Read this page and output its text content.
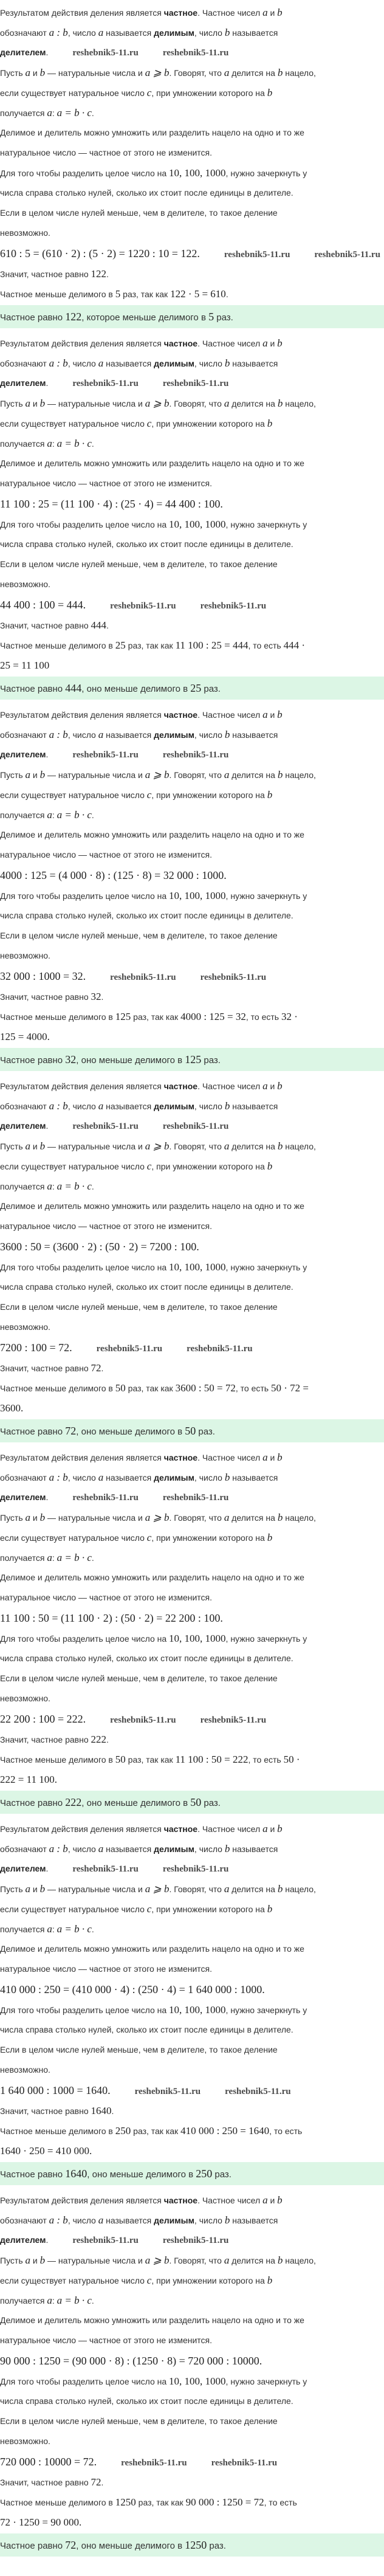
Результатом действия деления является частное. Частное чисел a и b
обозначают a : b, число a называется делимым, число b называется
делителем.	reshebnik5-11.ru	reshebnik5-11.ru
Пусть a и b — натуральные числа и a ⩾ b. Говорят, что a делится на b нацело,
если существует натуральное число c, при умножении которого на b
получается a: a = b · c.
Делимое и делитель можно умножить или разделить нацело на одно и то же
натуральное число — частное от этого не изменится.
Для того чтобы разделить целое число на 10, 100, 1000, нужно зачеркнуть у
числа справа столько нулей, сколько их стоит после единицы в делителе.
Если в целом числе нулей меньше, чем в делителе, то такое деление
невозможно.
610 : 5 = (610 · 2) : (5 · 2) = 1220 : 10 = 122.	reshebnik5-11.ru	reshebnik5-11.ru
Значит, частное равно 122.
Частное меньше делимого в 5 раз, так как 122 · 5 = 610.
Частное равно 122, которое меньше делимого в 5 раз.
Результатом действия деления является частное. Частное чисел a и b
обозначают a : b, число a называется делимым, число b называется
делителем.	reshebnik5-11.ru	reshebnik5-11.ru
Пусть a и b — натуральные числа и a ⩾ b. Говорят, что a делится на b нацело,
если существует натуральное число c, при умножении которого на b
получается a: a = b · c.
Делимое и делитель можно умножить или разделить нацело на одно и то же
натуральное число — частное от этого не изменится.
11 100 : 25 = (11 100 · 4) : (25 · 4) = 44 400 : 100.
Для того чтобы разделить целое число на 10, 100, 1000, нужно зачеркнуть у
числа справа столько нулей, сколько их стоит после единицы в делителе.
Если в целом числе нулей меньше, чем в делителе, то такое деление
невозможно.
44 400 : 100 = 444.	reshebnik5-11.ru	reshebnik5-11.ru
Значит, частное равно 444.
Частное меньше делимого в 25 раз, так как 11 100 : 25 = 444, то есть 444 ·
25 = 11 100
Частное равно 444, оно меньше делимого в 25 раз.
Результатом действия деления является частное. Частное чисел a и b
обозначают a : b, число a называется делимым, число b называется
делителем.	reshebnik5-11.ru	reshebnik5-11.ru
Пусть a и b — натуральные числа и a ⩾ b. Говорят, что a делится на b нацело,
если существует натуральное число c, при умножении которого на b
получается a: a = b · c.
Делимое и делитель можно умножить или разделить нацело на одно и то же
натуральное число — частное от этого не изменится.
4000 : 125 = (4 000 · 8) : (125 · 8) = 32 000 : 1000.
Для того чтобы разделить целое число на 10, 100, 1000, нужно зачеркнуть у
числа справа столько нулей, сколько их стоит после единицы в делителе.
Если в целом числе нулей меньше, чем в делителе, то такое деление
невозможно.
32 000 : 1000 = 32.	reshebnik5-11.ru	reshebnik5-11.ru
Значит, частное равно 32.
Частное меньше делимого в 125 раз, так как 4000 : 125 = 32, то есть 32 ·
125 = 4000.
Частное равно 32, оно меньше делимого в 125 раз.
Результатом действия деления является частное. Частное чисел a и b
обозначают a : b, число a называется делимым, число b называется
делителем.	reshebnik5-11.ru	reshebnik5-11.ru
Пусть a и b — натуральные числа и a ⩾ b. Говорят, что a делится на b нацело,
если существует натуральное число c, при умножении которого на b
получается a: a = b · c.
Делимое и делитель можно умножить или разделить нацело на одно и то же
натуральное число — частное от этого не изменится.
3600 : 50 = (3600 · 2) : (50 · 2) = 7200 : 100.
Для того чтобы разделить целое число на 10, 100, 1000, нужно зачеркнуть у
числа справа столько нулей, сколько их стоит после единицы в делителе.
Если в целом числе нулей меньше, чем в делителе, то такое деление
невозможно.
7200 : 100 = 72.	reshebnik5-11.ru	reshebnik5-11.ru
Значит, частное равно 72.
Частное меньше делимого в 50 раз, так как 3600 : 50 = 72, то есть 50 · 72 =
3600.
Частное равно 72, оно меньше делимого в 50 раз.
Результатом действия деления является частное. Частное чисел a и b
обозначают a : b, число a называется делимым, число b называется
делителем.	reshebnik5-11.ru	reshebnik5-11.ru
Пусть a и b — натуральные числа и a ⩾ b. Говорят, что a делится на b нацело,
если существует натуральное число c, при умножении которого на b
получается a: a = b · c.
Делимое и делитель можно умножить или разделить нацело на одно и то же
натуральное число — частное от этого не изменится.
11 100 : 50 = (11 100 · 2) : (50 · 2) = 22 200 : 100.
Для того чтобы разделить целое число на 10, 100, 1000, нужно зачеркнуть у
числа справа столько нулей, сколько их стоит после единицы в делителе.
Если в целом числе нулей меньше, чем в делителе, то такое деление
невозможно.
22 200 : 100 = 222.	reshebnik5-11.ru	reshebnik5-11.ru
Значит, частное равно 222.
Частное меньше делимого в 50 раз, так как 11 100 : 50 = 222, то есть 50 ·
222 = 11 100.
Частное равно 222, оно меньше делимого в 50 раз.
Результатом действия деления является частное. Частное чисел a и b
обозначают a : b, число a называется делимым, число b называется
делителем.	reshebnik5-11.ru	reshebnik5-11.ru
Пусть a и b — натуральные числа и a ⩾ b. Говорят, что a делится на b нацело,
если существует натуральное число c, при умножении которого на b
получается a: a = b · c.
Делимое и делитель можно умножить или разделить нацело на одно и то же
натуральное число — частное от этого не изменится.
410 000 : 250 = (410 000 · 4) : (250 · 4) = 1 640 000 : 1000.
Для того чтобы разделить целое число на 10, 100, 1000, нужно зачеркнуть у
числа справа столько нулей, сколько их стоит после единицы в делителе.
Если в целом числе нулей меньше, чем в делителе, то такое деление
невозможно.
1 640 000 : 1000 = 1640.	reshebnik5-11.ru	reshebnik5-11.ru
Значит, частное равно 1640.
Частное меньше делимого в 250 раз, так как 410 000 : 250 = 1640, то есть
1640 · 250 = 410 000.
Частное равно 1640, оно меньше делимого в 250 раз.
Результатом действия деления является частное. Частное чисел a и b
обозначают a : b, число a называется делимым, число b называется
делителем.	reshebnik5-11.ru	reshebnik5-11.ru
Пусть a и b — натуральные числа и a ⩾ b. Говорят, что a делится на b нацело,
если существует натуральное число c, при умножении которого на b
получается a: a = b · c.
Делимое и делитель можно умножить или разделить нацело на одно и то же
натуральное число — частное от этого не изменится.
90 000 : 1250 = (90 000 · 8) : (1250 · 8) = 720 000 : 10000.
Для того чтобы разделить целое число на 10, 100, 1000, нужно зачеркнуть у
числа справа столько нулей, сколько их стоит после единицы в делителе.
Если в целом числе нулей меньше, чем в делителе, то такое деление
невозможно.
720 000 : 10000 = 72.	reshebnik5-11.ru	reshebnik5-11.ru
Значит, частное равно 72.
Частное меньше делимого в 1250 раз, так как 90 000 : 1250 = 72, то есть
72 · 1250 = 90 000.
Частное равно 72, оно меньше делимого в 1250 раз.
